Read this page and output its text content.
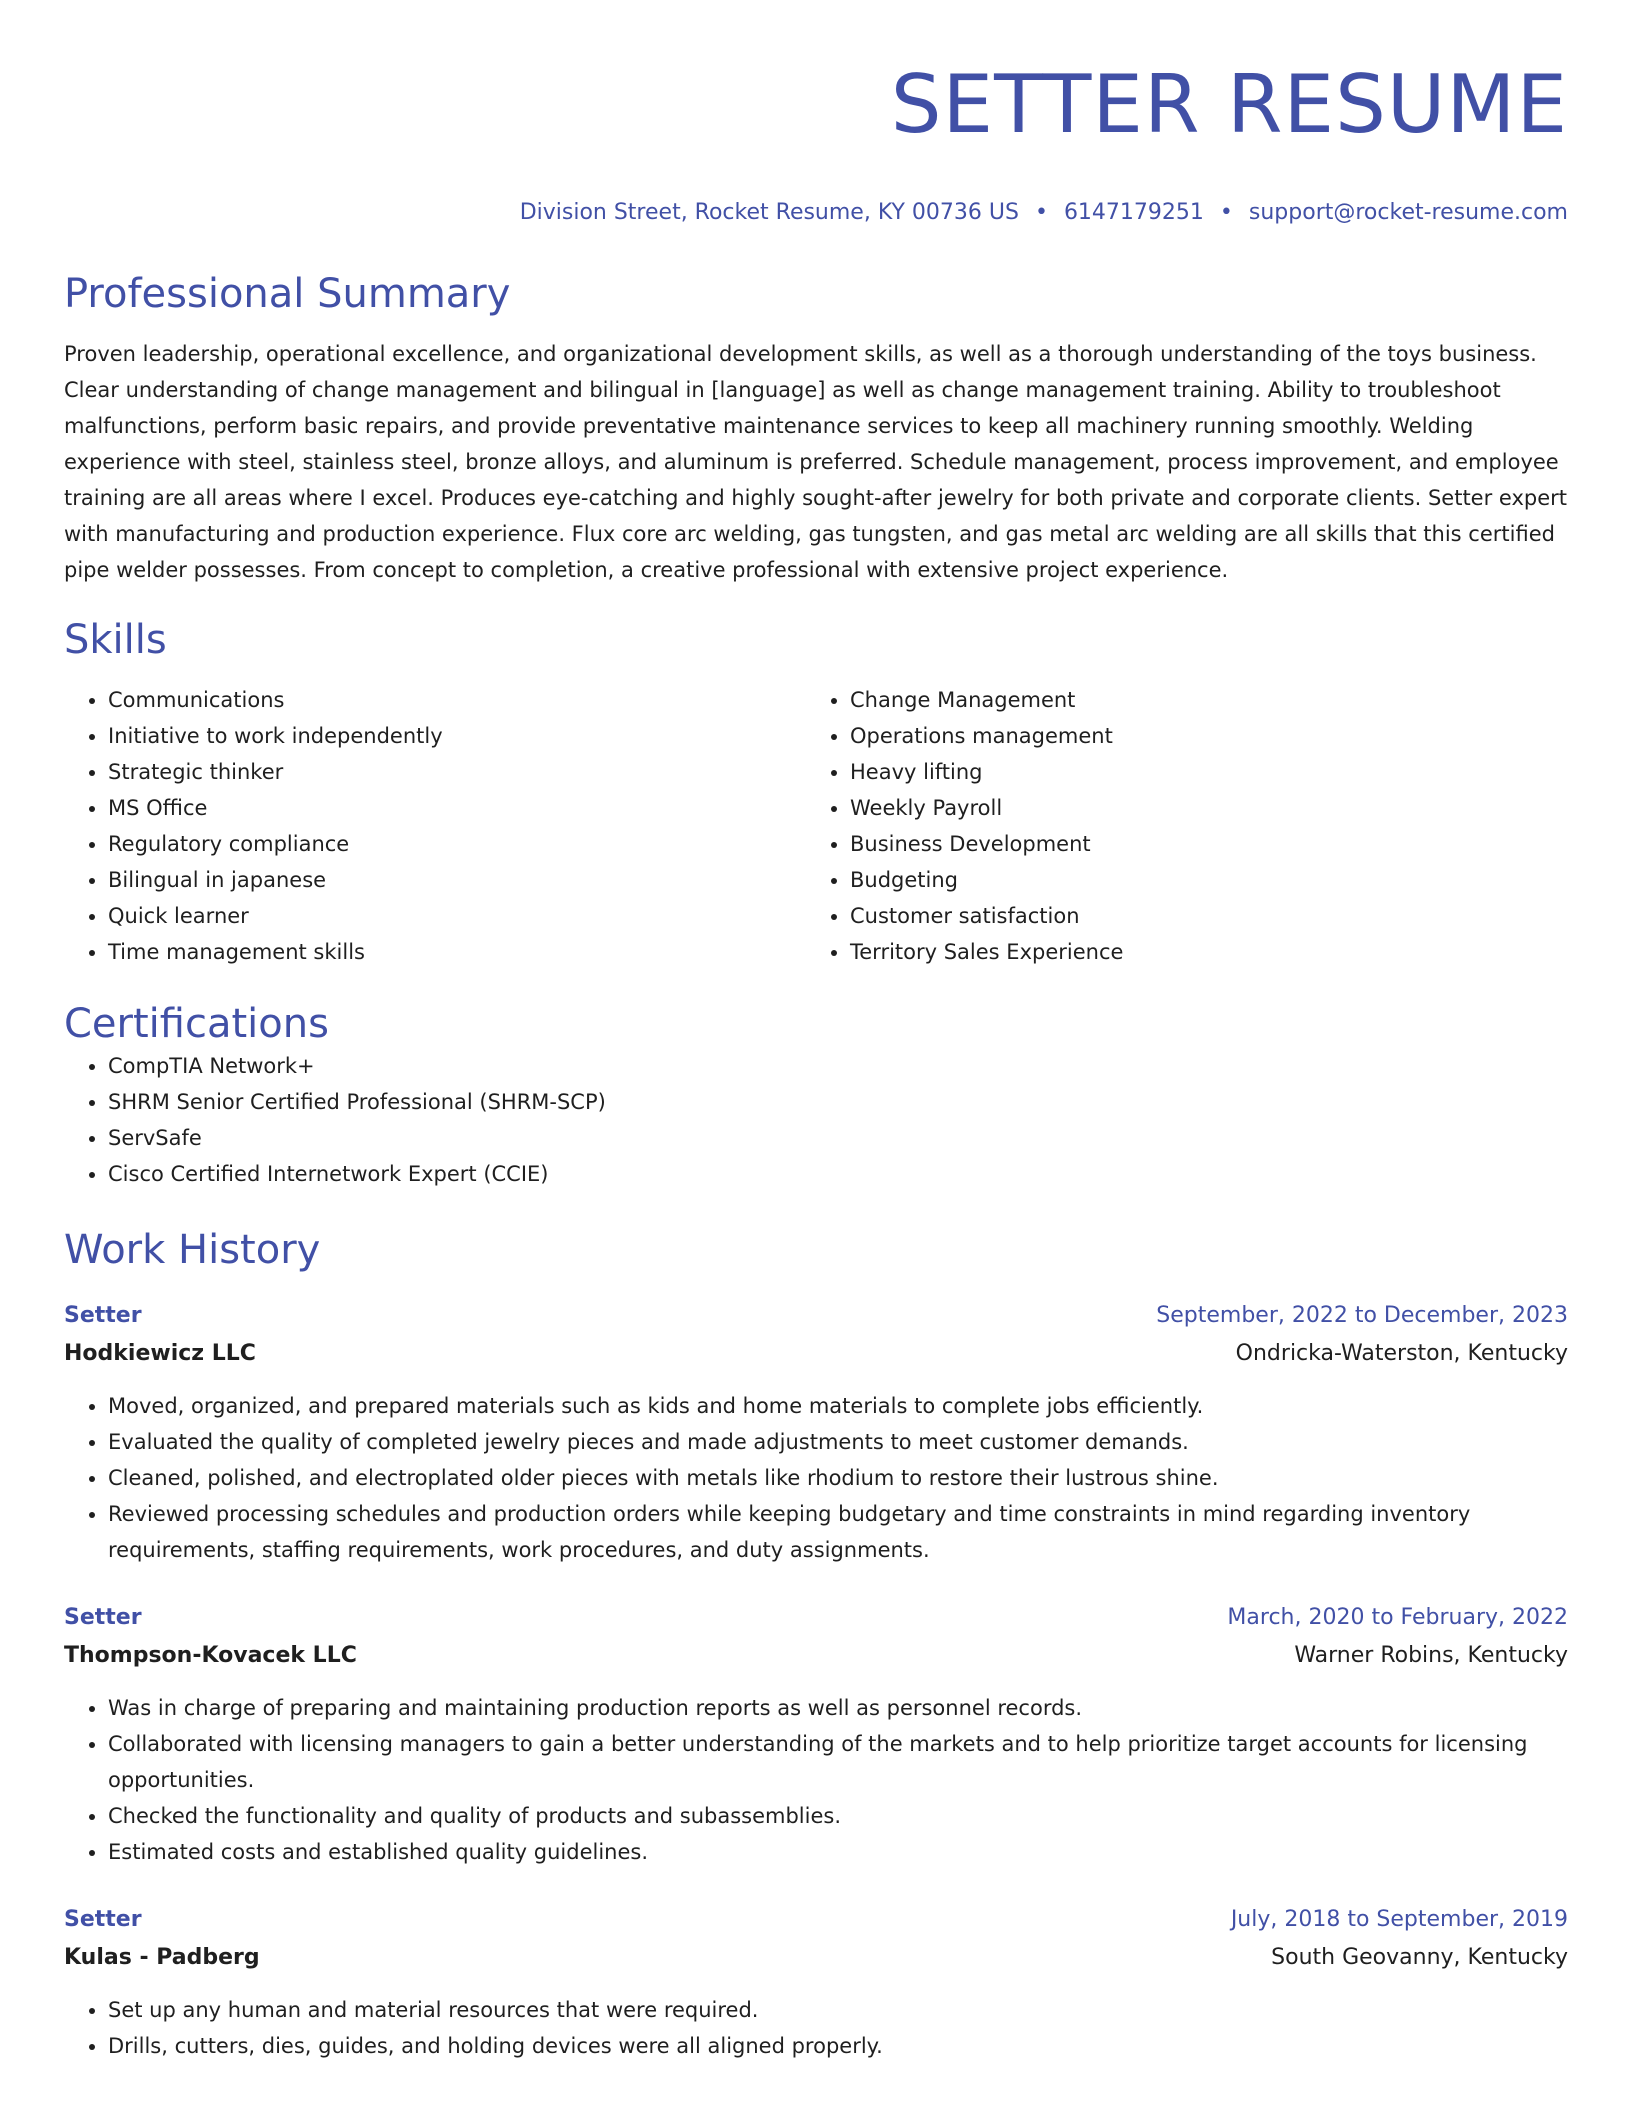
SETTER RESUME
Division Street, Rocket Resume, KY 00736 US • 6147179251 • support@rocket-resume.com
Professional Summary
Proven leadership, operational excellence, and organizational development skills, as well as a thorough understanding of the toys business. Clear understanding of change management and bilingual in [language] as well as change management training. Ability to troubleshoot malfunctions, perform basic repairs, and provide preventative maintenance services to keep all machinery running smoothly. Welding experience with steel, stainless steel, bronze alloys, and aluminum is preferred. Schedule management, process improvement, and employee training are all areas where I excel. Produces eye-catching and highly sought-after jewelry for both private and corporate clients. Setter expert with manufacturing and production experience. Flux core arc welding, gas tungsten, and gas metal arc welding are all skills that this certified pipe welder possesses. From concept to completion, a creative professional with extensive project experience.
Skills
• Communications
• Initiative to work independently
• Strategic thinker
• MS Office
• Regulatory compliance
• Bilingual in japanese
• Quick learner
• Time management skills
• Change Management
• Operations management
• Heavy lifting
• Weekly Payroll
• Business Development
• Budgeting
• Customer satisfaction
• Territory Sales Experience
Certifications
• CompTIA Network+
• SHRM Senior Certified Professional (SHRM-SCP)
• ServSafe
• Cisco Certified Internetwork Expert (CCIE)
Work History
Setter	September, 2022 to December, 2023
Hodkiewicz LLC	Ondricka-Waterston, Kentucky
• Moved, organized, and prepared materials such as kids and home materials to complete jobs efficiently.
• Evaluated the quality of completed jewelry pieces and made adjustments to meet customer demands.
• Cleaned, polished, and electroplated older pieces with metals like rhodium to restore their lustrous shine.
• Reviewed processing schedules and production orders while keeping budgetary and time constraints in mind regarding inventory requirements, staffing requirements, work procedures, and duty assignments.
Setter	March, 2020 to February, 2022
Thompson-Kovacek LLC	Warner Robins, Kentucky
• Was in charge of preparing and maintaining production reports as well as personnel records.
• Collaborated with licensing managers to gain a better understanding of the markets and to help prioritize target accounts for licensing opportunities.
• Checked the functionality and quality of products and subassemblies.
• Estimated costs and established quality guidelines.
Setter	July, 2018 to September, 2019
Kulas - Padberg	South Geovanny, Kentucky
• Set up any human and material resources that were required.
• Drills, cutters, dies, guides, and holding devices were all aligned properly.
